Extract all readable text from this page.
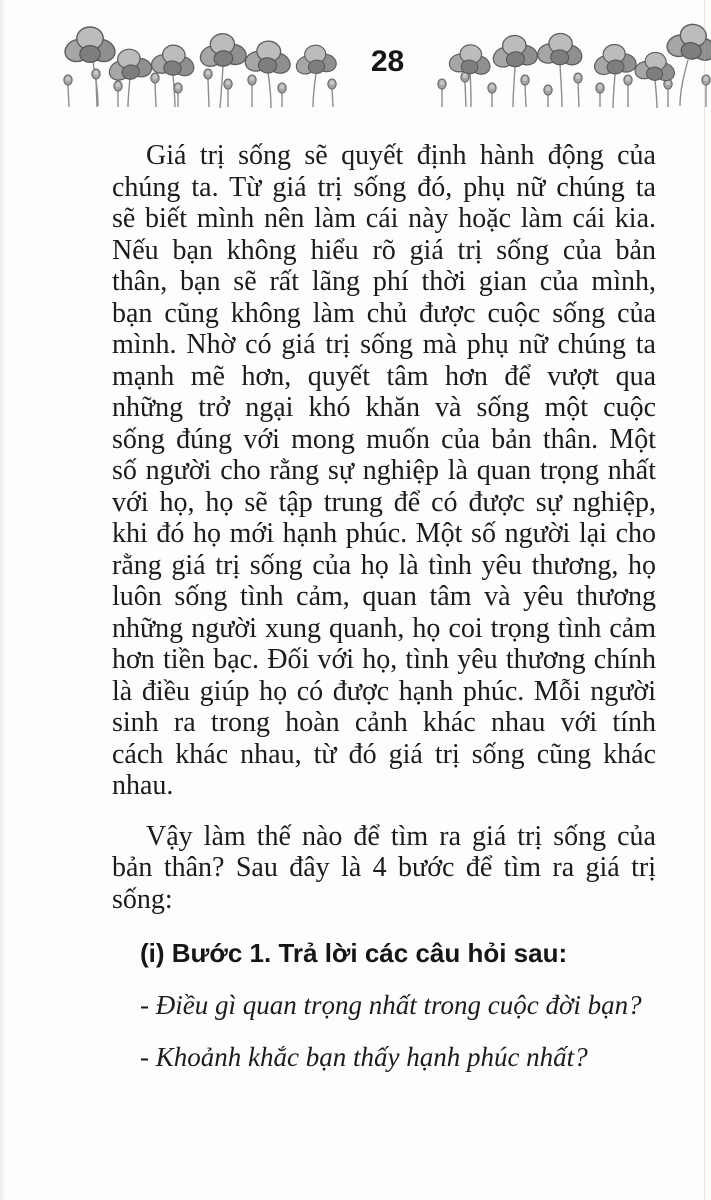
28

Giá trị sống sẽ quyết định hành động của chúng ta. Từ giá trị sống đó, phụ nữ chúng ta sẽ biết mình nên làm cái này hoặc làm cái kia. Nếu bạn không hiểu rõ giá trị sống của bản thân, bạn sẽ rất lãng phí thời gian của mình, bạn cũng không làm chủ được cuộc sống của mình. Nhờ có giá trị sống mà phụ nữ chúng ta mạnh mẽ hơn, quyết tâm hơn để vượt qua những trở ngại khó khăn và sống một cuộc sống đúng với mong muốn của bản thân. Một số người cho rằng sự nghiệp là quan trọng nhất với họ, họ sẽ tập trung để có được sự nghiệp, khi đó họ mới hạnh phúc. Một số người lại cho rằng giá trị sống của họ là tình yêu thương, họ luôn sống tình cảm, quan tâm và yêu thương những người xung quanh, họ coi trọng tình cảm hơn tiền bạc. Đối với họ, tình yêu thương chính là điều giúp họ có được hạnh phúc. Mỗi người sinh ra trong hoàn cảnh khác nhau với tính cách khác nhau, từ đó giá trị sống cũng khác nhau.

Vậy làm thế nào để tìm ra giá trị sống của bản thân? Sau đây là 4 bước để tìm ra giá trị sống:

(i) Bước 1. Trả lời các câu hỏi sau:

- Điều gì quan trọng nhất trong cuộc đời bạn?

- Khoảnh khắc bạn thấy hạnh phúc nhất?
